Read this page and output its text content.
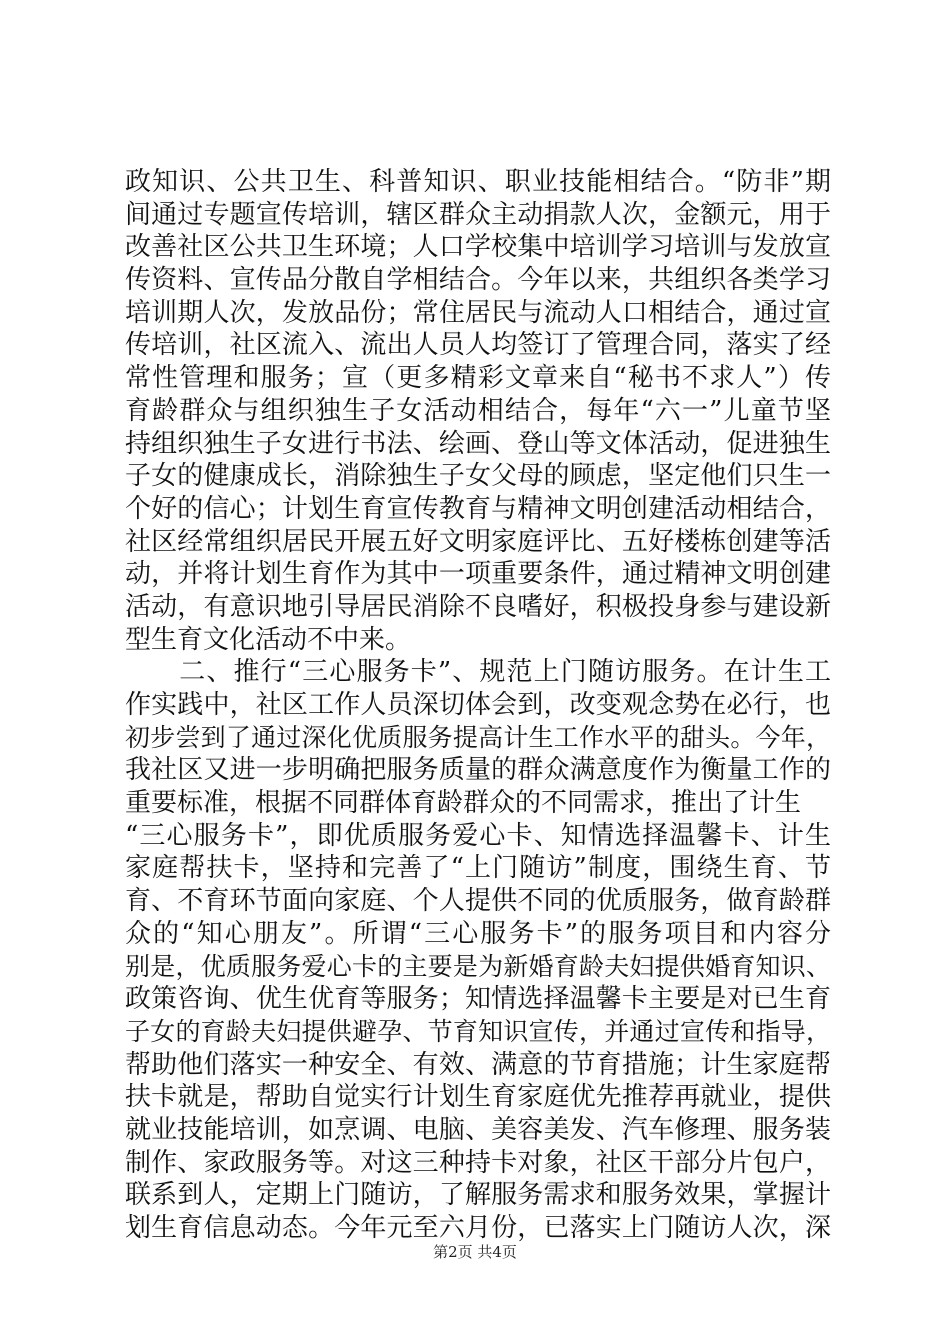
政知识、公共卫生、科普知识、职业技能相结合。“防非”期
间通过专题宣传培训，辖区群众主动捐款人次，金额元，用于
改善社区公共卫生环境；人口学校集中培训学习培训与发放宣
传资料、宣传品分散自学相结合。今年以来，共组织各类学习
培训期人次，发放品份；常住居民与流动人口相结合，通过宣
传培训，社区流入、流出人员人均签订了管理合同，落实了经
常性管理和服务；宣（更多精彩文章来自“秘书不求人”）传
育龄群众与组织独生子女活动相结合，每年“六一”儿童节坚
持组织独生子女进行书法、绘画、登山等文体活动，促进独生
子女的健康成长，消除独生子女父母的顾虑，坚定他们只生一
个好的信心；计划生育宣传教育与精神文明创建活动相结合，
社区经常组织居民开展五好文明家庭评比、五好楼栋创建等活
动，并将计划生育作为其中一项重要条件，通过精神文明创建
活动，有意识地引导居民消除不良嗜好，积极投身参与建设新
型生育文化活动不中来。
　　二、推行“三心服务卡”、规范上门随访服务。在计生工
作实践中，社区工作人员深切体会到，改变观念势在必行，也
初步尝到了通过深化优质服务提高计生工作水平的甜头。今年，
我社区又进一步明确把服务质量的群众满意度作为衡量工作的
重要标准，根据不同群体育龄群众的不同需求，推出了计生
“三心服务卡”，即优质服务爱心卡、知情选择温馨卡、计生
家庭帮扶卡，坚持和完善了“上门随访”制度，围绕生育、节
育、不育环节面向家庭、个人提供不同的优质服务，做育龄群
众的“知心朋友”。所谓“三心服务卡”的服务项目和内容分
别是，优质服务爱心卡的主要是为新婚育龄夫妇提供婚育知识、
政策咨询、优生优育等服务；知情选择温馨卡主要是对已生育
子女的育龄夫妇提供避孕、节育知识宣传，并通过宣传和指导，
帮助他们落实一种安全、有效、满意的节育措施；计生家庭帮
扶卡就是，帮助自觉实行计划生育家庭优先推荐再就业，提供
就业技能培训，如烹调、电脑、美容美发、汽车修理、服务装
制作、家政服务等。对这三种持卡对象，社区干部分片包户，
联系到人，定期上门随访，了解服务需求和服务效果，掌握计
划生育信息动态。今年元至六月份，已落实上门随访人次，深
第2页 共4页
